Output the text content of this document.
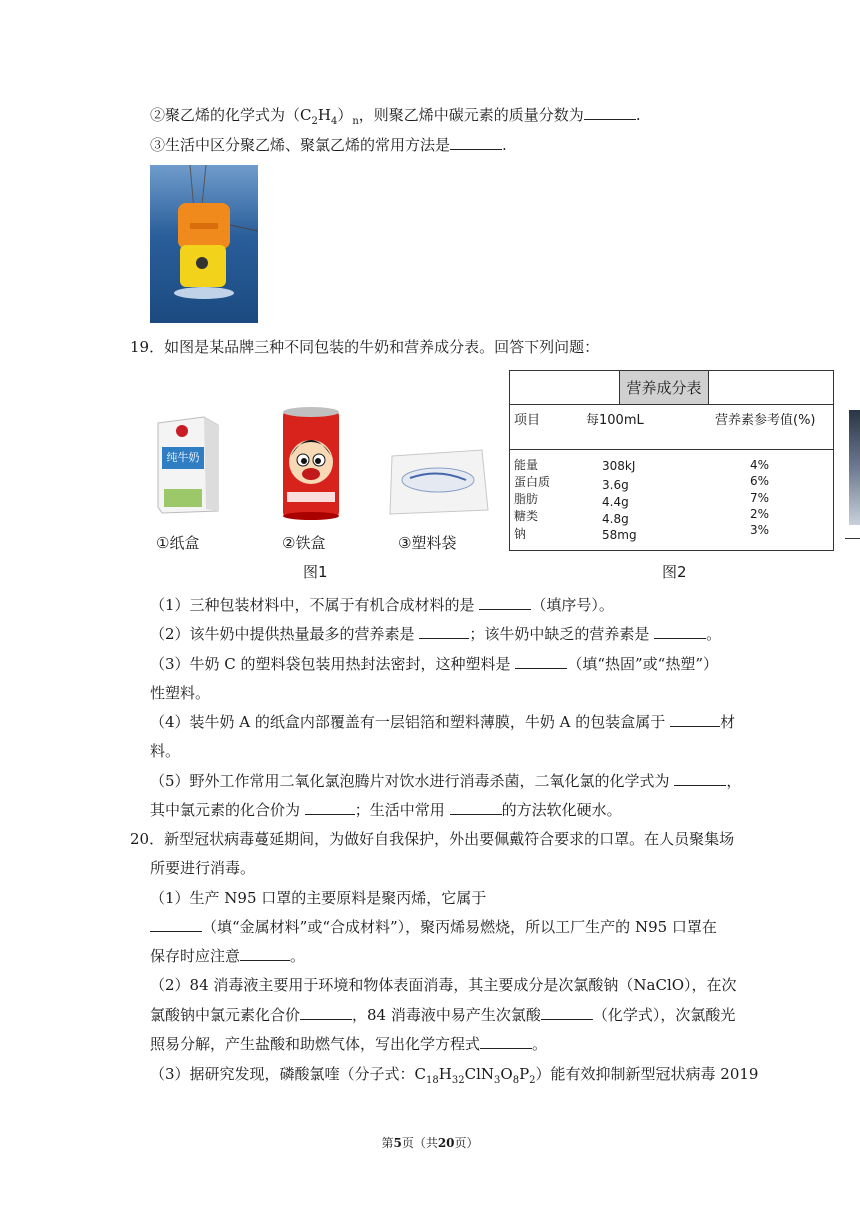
②聚乙烯的化学式为$(C_2H_4)_n$，则聚乙烯中碳元素的质量分数为	.
③生活中区分聚乙烯、聚氯乙烯的常用方法是	.
19．如图是某品牌三种不同包装的牛奶和营养成分表。回答下列问题：
纯牛奶
①纸盒	②铁盒	③塑料袋
图1
营养成分表
项目	每100mL	营养素参考值(%)
能量	308kJ	4%
蛋白质	3.6g	6%
脂肪	4.4g	7%
糖类	4.8g	2%
钠	58mg	3%
图2
（1）三种包装材料中，不属于有机合成材料的是	（填序号）。
（2）该牛奶中提供热量最多的营养素是	；该牛奶中缺乏的营养素是	。
（3）牛奶 C 的塑料袋包装用热封法密封，这种塑料是	（填“热固”或“热塑”）
性塑料。
（4）装牛奶 A 的纸盒内部覆盖有一层铝箔和塑料薄膜，牛奶 A 的包装盒属于	材
料。
（5）野外工作常用二氧化氯泡腾片对饮水进行消毒杀菌，二氧化氯的化学式为	，
其中氯元素的化合价为	；生活中常用	的方法软化硬水。
20．新型冠状病毒蔓延期间，为做好自我保护，外出要佩戴符合要求的口罩。在人员聚集场
所要进行消毒。
（1）生产 N95 口罩的主要原料是聚丙烯，它属于
（填“金属材料”或“合成材料”），聚丙烯易燃烧，所以工厂生产的 N95 口罩在
保存时应注意	。
（2）84 消毒液主要用于环境和物体表面消毒，其主要成分是次氯酸钠（NaClO），在次
氯酸钠中氯元素化合价	，84 消毒液中易产生次氯酸	（化学式），次氯酸光
照易分解，产生盐酸和助燃气体，写出化学方程式	。
（3）据研究发现，磷酸氯喹（分子式：$C_{18}H_{32}ClN_3O_8P_2$）能有效抑制新型冠状病毒 2019
第5页（共20页）
